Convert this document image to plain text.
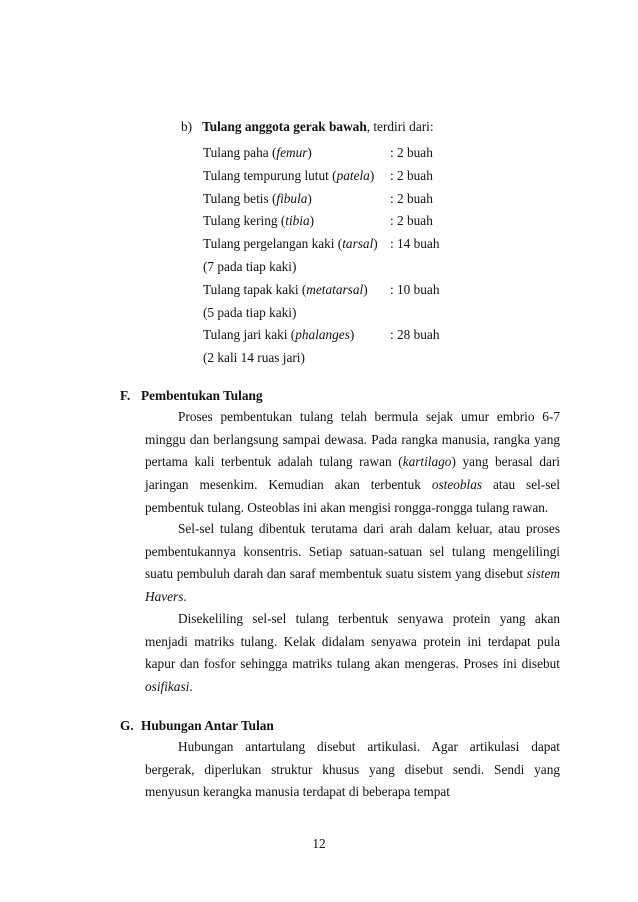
b) Tulang anggota gerak bawah, terdiri dari:
Tulang paha (femur)	: 2 buah
Tulang tempurung lutut (patela) : 2 buah
Tulang betis (fibula)	: 2 buah
Tulang kering (tibia)	: 2 buah
Tulang pergelangan kaki (tarsal) : 14 buah
(7 pada tiap kaki)
Tulang tapak kaki (metatarsal) : 10 buah
(5 pada tiap kaki)
Tulang jari kaki (phalanges)	: 28 buah
(2 kali 14 ruas jari)
F. Pembentukan Tulang
Proses pembentukan tulang telah bermula sejak umur embrio 6-7 minggu dan berlangsung sampai dewasa. Pada rangka manusia, rangka yang pertama kali terbentuk adalah tulang rawan (kartilago) yang berasal dari jaringan mesenkim. Kemudian akan terbentuk osteoblas atau sel-sel pembentuk tulang. Osteoblas ini akan mengisi rongga-rongga tulang rawan.
Sel-sel tulang dibentuk terutama dari arah dalam keluar, atau proses pembentukannya konsentris. Setiap satuan-satuan sel tulang mengelilingi suatu pembuluh darah dan saraf membentuk suatu sistem yang disebut sistem Havers.
Disekeliling sel-sel tulang terbentuk senyawa protein yang akan menjadi matriks tulang. Kelak didalam senyawa protein ini terdapat pula kapur dan fosfor sehingga matriks tulang akan mengeras. Proses ini disebut osifikasi.
G. Hubungan Antar Tulan
Hubungan antartulang disebut artikulasi. Agar artikulasi dapat bergerak, diperlukan struktur khusus yang disebut sendi. Sendi yang menyusun kerangka manusia terdapat di beberapa tempat
12
